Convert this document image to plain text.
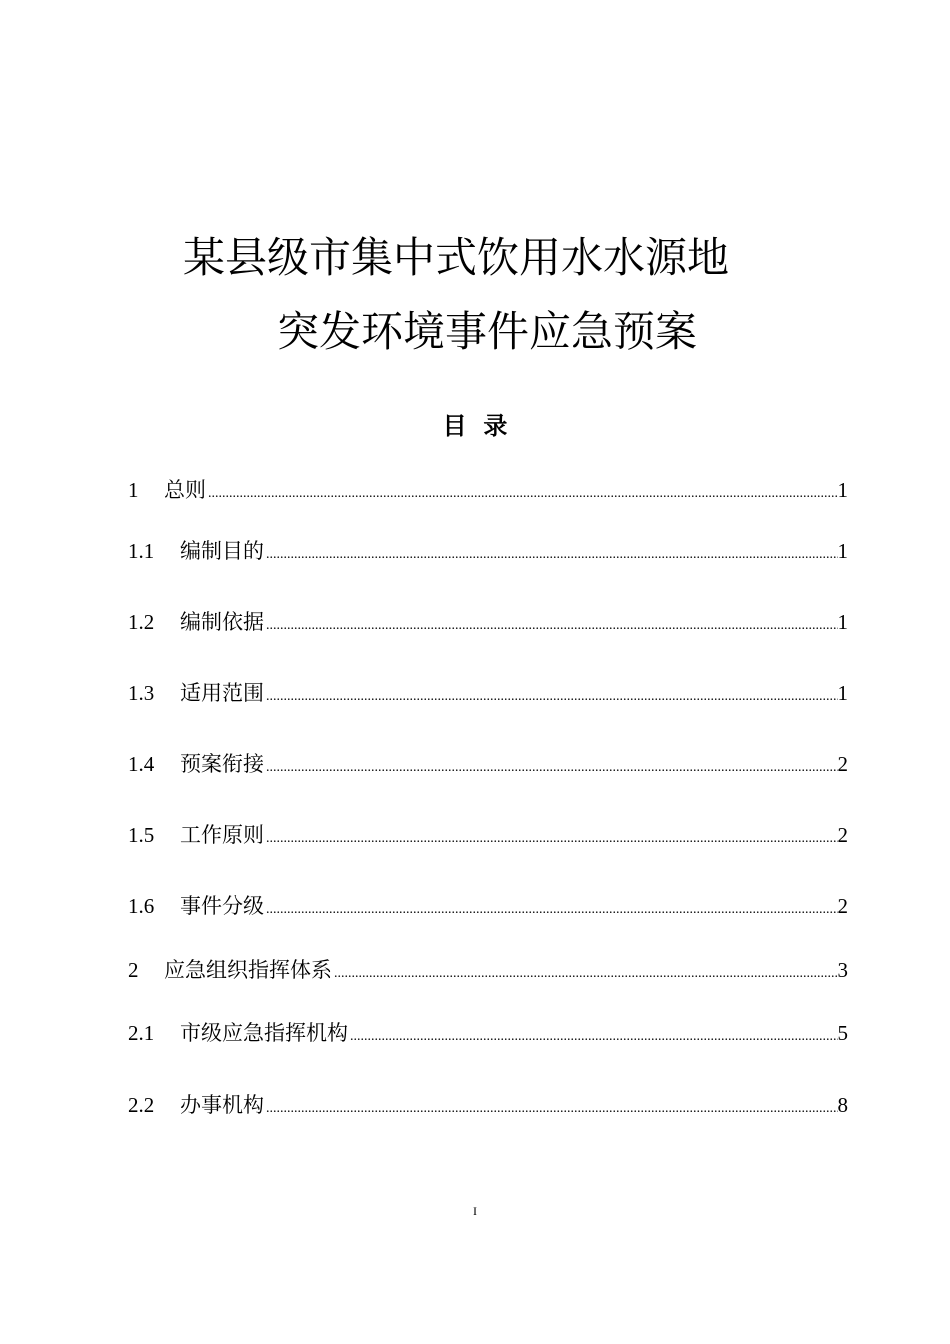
某县级市集中式饮用水水源地
突发环境事件应急预案
目  录
1	总则 .....	1
1.1	编制目的 .....	1
1.2	编制依据 .....	1
1.3	适用范围 .....	1
1.4	预案衔接 .....	2
1.5	工作原则 .....	2
1.6	事件分级 .....	2
2	应急组织指挥体系 .....	3
2.1	市级应急指挥机构 .....	5
2.2	办事机构 .....	8
I
